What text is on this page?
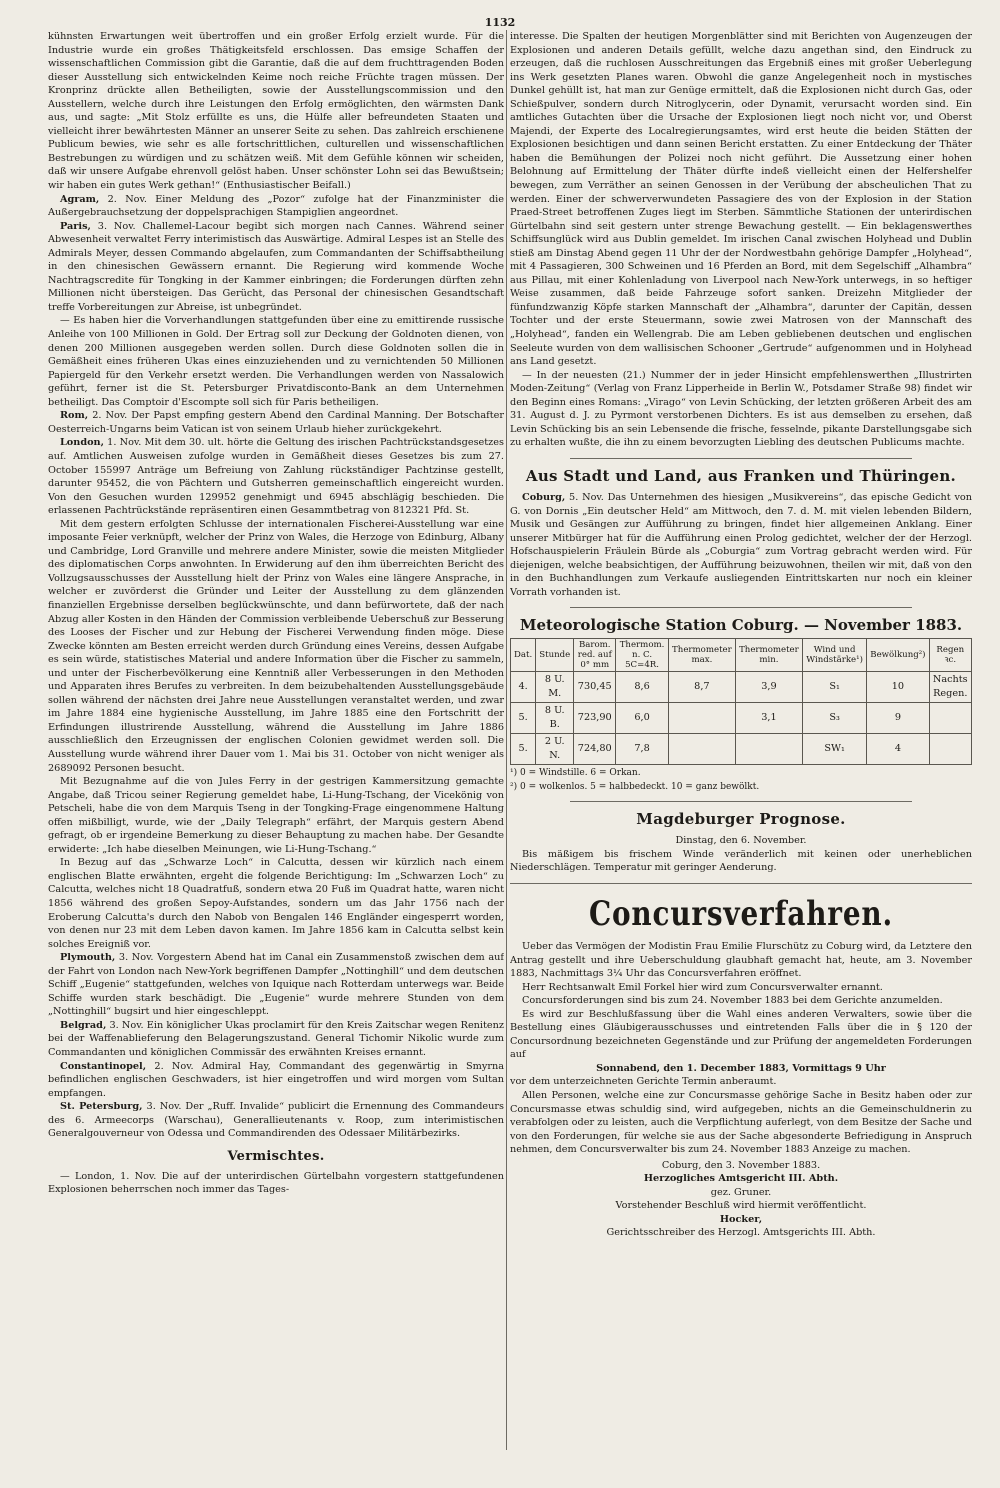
1132

kühnsten Erwartungen weit übertroffen und ein großer Erfolg erzielt wurde. Für die Industrie wurde ein großes Thätigkeitsfeld erschlossen. Das emsige Schaffen der wissenschaftlichen Commission gibt die Garantie, daß die auf dem fruchttragenden Boden dieser Ausstellung sich entwickelnden Keime noch reiche Früchte tragen müssen. Der Kronprinz drückte allen Betheiligten, sowie der Ausstellungscommission und den Ausstellern, welche durch ihre Leistungen den Erfolg ermöglichten, den wärmsten Dank aus, und sagte: „Mit Stolz erfüllte es uns, die Hülfe aller befreundeten Staaten und vielleicht ihrer bewährtesten Männer an unserer Seite zu sehen. Das zahlreich erschienene Publicum bewies, wie sehr es alle fortschrittlichen, culturellen und wissenschaftlichen Bestrebungen zu würdigen und zu schätzen weiß. Mit dem Gefühle können wir scheiden, daß wir unsere Aufgabe ehrenvoll gelöst haben. Unser schönster Lohn sei das Bewußtsein; wir haben ein gutes Werk gethan!“ (Enthusiastischer Beifall.)

Agram, 2. Nov. Einer Meldung des „Pozor“ zufolge hat der Finanzminister die Außergebrauchsetzung der doppelsprachigen Stampiglien angeordnet.

Paris, 3. Nov. Challemel-Lacour begibt sich morgen nach Cannes. Während seiner Abwesenheit verwaltet Ferry interimistisch das Auswärtige. Admiral Lespes ist an Stelle des Admirals Meyer, dessen Commando abgelaufen, zum Commandanten der Schiffsabtheilung in den chinesischen Gewässern ernannt. Die Regierung wird kommende Woche Nachtragscredite für Tongking in der Kammer einbringen; die Forderungen dürften zehn Millionen nicht übersteigen. Das Gerücht, das Personal der chinesischen Gesandtschaft treffe Vorbereitungen zur Abreise, ist unbegründet.

— Es haben hier die Vorverhandlungen stattgefunden über eine zu emittirende russische Anleihe von 100 Millionen in Gold. Der Ertrag soll zur Deckung der Goldnoten dienen, von denen 200 Millionen ausgegeben werden sollen. Durch diese Goldnoten sollen die in Gemäßheit eines früheren Ukas eines einzuziehenden und zu vernichtenden 50 Millionen Papiergeld für den Verkehr ersetzt werden. Die Verhandlungen werden von Nassalowich geführt, ferner ist die St. Petersburger Privatdisconto-Bank an dem Unternehmen betheiligt. Das Comptoir d'Escompte soll sich für Paris betheiligen.

Rom, 2. Nov. Der Papst empfing gestern Abend den Cardinal Manning. Der Botschafter Oesterreich-Ungarns beim Vatican ist von seinem Urlaub hieher zurückgekehrt.

London, 1. Nov. Mit dem 30. ult. hörte die Geltung des irischen Pachtrückstandsgesetzes auf. Amtlichen Ausweisen zufolge wurden in Gemäßheit dieses Gesetzes bis zum 27. October 155997 Anträge um Befreiung von Zahlung rückständiger Pachtzinse gestellt, darunter 95452, die von Pächtern und Gutsherren gemeinschaftlich eingereicht wurden. Von den Gesuchen wurden 129952 genehmigt und 6945 abschlägig beschieden. Die erlassenen Pachtrückstände repräsentiren einen Gesammtbetrag von 812321 Pfd. St.

Mit dem gestern erfolgten Schlusse der internationalen Fischerei-Ausstellung war eine imposante Feier verknüpft, welcher der Prinz von Wales, die Herzoge von Edinburg, Albany und Cambridge, Lord Granville und mehrere andere Minister, sowie die meisten Mitglieder des diplomatischen Corps anwohnten. In Erwiderung auf den ihm überreichten Bericht des Vollzugsausschusses der Ausstellung hielt der Prinz von Wales eine längere Ansprache, in welcher er zuvörderst die Gründer und Leiter der Ausstellung zu dem glänzenden finanziellen Ergebnisse derselben beglückwünschte, und dann befürwortete, daß der nach Abzug aller Kosten in den Händen der Commission verbleibende Ueberschuß zur Besserung des Looses der Fischer und zur Hebung der Fischerei Verwendung finden möge. Diese Zwecke könnten am Besten erreicht werden durch Gründung eines Vereins, dessen Aufgabe es sein würde, statistisches Material und andere Information über die Fischer zu sammeln, und unter der Fischerbevölkerung eine Kenntniß aller Verbesserungen in den Methoden und Apparaten ihres Berufes zu verbreiten. In dem beizubehaltenden Ausstellungsgebäude sollen während der nächsten drei Jahre neue Ausstellungen veranstaltet werden, und zwar im Jahre 1884 eine hygienische Ausstellung, im Jahre 1885 eine den Fortschritt der Erfindungen illustrirende Ausstellung, während die Ausstellung im Jahre 1886 ausschließlich den Erzeugnissen der englischen Colonien gewidmet werden soll. Die Ausstellung wurde während ihrer Dauer vom 1. Mai bis 31. October von nicht weniger als 2689092 Personen besucht.

Mit Bezugnahme auf die von Jules Ferry in der gestrigen Kammersitzung gemachte Angabe, daß Tricou seiner Regierung gemeldet habe, Li-Hung-Tschang, der Vicekönig von Petscheli, habe die von dem Marquis Tseng in der Tongking-Frage eingenommene Haltung offen mißbilligt, wurde, wie der „Daily Telegraph“ erfährt, der Marquis gestern Abend gefragt, ob er irgendeine Bemerkung zu dieser Behauptung zu machen habe. Der Gesandte erwiderte: „Ich habe dieselben Meinungen, wie Li-Hung-Tschang.“

In Bezug auf das „Schwarze Loch“ in Calcutta, dessen wir kürzlich nach einem englischen Blatte erwähnten, ergeht die folgende Berichtigung: Im „Schwarzen Loch“ zu Calcutta, welches nicht 18 Quadratfuß, sondern etwa 20 Fuß im Quadrat hatte, waren nicht 1856 während des großen Sepoy-Aufstandes, sondern um das Jahr 1756 nach der Eroberung Calcutta's durch den Nabob von Bengalen 146 Engländer eingesperrt worden, von denen nur 23 mit dem Leben davon kamen. Im Jahre 1856 kam in Calcutta selbst kein solches Ereigniß vor.

Plymouth, 3. Nov. Vorgestern Abend hat im Canal ein Zusammenstoß zwischen dem auf der Fahrt von London nach New-York begriffenen Dampfer „Nottinghill“ und dem deutschen Schiff „Eugenie“ stattgefunden, welches von Iquique nach Rotterdam unterwegs war. Beide Schiffe wurden stark beschädigt. Die „Eugenie“ wurde mehrere Stunden von dem „Nottinghill“ bugsirt und hier eingeschleppt.

Belgrad, 3. Nov. Ein königlicher Ukas proclamirt für den Kreis Zaitschar wegen Renitenz bei der Waffenablieferung den Belagerungszustand. General Tichomir Nikolic wurde zum Commandanten und königlichen Commissär des erwähnten Kreises ernannt.

Constantinopel, 2. Nov. Admiral Hay, Commandant des gegenwärtig in Smyrna befindlichen englischen Geschwaders, ist hier eingetroffen und wird morgen vom Sultan empfangen.

St. Petersburg, 3. Nov. Der „Ruff. Invalide“ publicirt die Ernennung des Commandeurs des 6. Armeecorps (Warschau), Generallieutenants v. Roop, zum interimistischen Generalgouverneur von Odessa und Commandirenden des Odessaer Militärbezirks.

Vermischtes.

— London, 1. Nov. Die auf der unterirdischen Gürtelbahn vorgestern stattgefundenen Explosionen beherrschen noch immer das Tages-

interesse. Die Spalten der heutigen Morgenblätter sind mit Berichten von Augenzeugen der Explosionen und anderen Details gefüllt, welche dazu angethan sind, den Eindruck zu erzeugen, daß die ruchlosen Ausschreitungen das Ergebniß eines mit großer Ueberlegung ins Werk gesetzten Planes waren. Obwohl die ganze Angelegenheit noch in mystisches Dunkel gehüllt ist, hat man zur Genüge ermittelt, daß die Explosionen nicht durch Gas, oder Schießpulver, sondern durch Nitroglycerin, oder Dynamit, verursacht worden sind. Ein amtliches Gutachten über die Ursache der Explosionen liegt noch nicht vor, und Oberst Majendi, der Experte des Localregierungsamtes, wird erst heute die beiden Stätten der Explosionen besichtigen und dann seinen Bericht erstatten. Zu einer Entdeckung der Thäter haben die Bemühungen der Polizei noch nicht geführt. Die Aussetzung einer hohen Belohnung auf Ermittelung der Thäter dürfte indeß vielleicht einen der Helfershelfer bewegen, zum Verräther an seinen Genossen in der Verübung der abscheulichen That zu werden. Einer der schwerverwundeten Passagiere des von der Explosion in der Station Praed-Street betroffenen Zuges liegt im Sterben. Sämmtliche Stationen der unterirdischen Gürtelbahn sind seit gestern unter strenge Bewachung gestellt. — Ein beklagenswerthes Schiffsunglück wird aus Dublin gemeldet. Im irischen Canal zwischen Holyhead und Dublin stieß am Dinstag Abend gegen 11 Uhr der der Nordwestbahn gehörige Dampfer „Holyhead“, mit 4 Passagieren, 300 Schweinen und 16 Pferden an Bord, mit dem Segelschiff „Alhambra“ aus Pillau, mit einer Kohlenladung von Liverpool nach New-York unterwegs, in so heftiger Weise zusammen, daß beide Fahrzeuge sofort sanken. Dreizehn Mitglieder der fünfundzwanzig Köpfe starken Mannschaft der „Alhambra“, darunter der Capitän, dessen Tochter und der erste Steuermann, sowie zwei Matrosen von der Mannschaft des „Holyhead“, fanden ein Wellengrab. Die am Leben gebliebenen deutschen und englischen Seeleute wurden von dem wallisischen Schooner „Gertrude“ aufgenommen und in Holyhead ans Land gesetzt.

— In der neuesten (21.) Nummer der in jeder Hinsicht empfehlenswerthen „Illustrirten Moden-Zeitung“ (Verlag von Franz Lipperheide in Berlin W., Potsdamer Straße 98) findet wir den Beginn eines Romans: „Virago“ von Levin Schücking, der letzten größeren Arbeit des am 31. August d. J. zu Pyrmont verstorbenen Dichters. Es ist aus demselben zu ersehen, daß Levin Schücking bis an sein Lebensende die frische, fesselnde, pikante Darstellungsgabe sich zu erhalten wußte, die ihn zu einem bevorzugten Liebling des deutschen Publicums machte.

Aus Stadt und Land, aus Franken und Thüringen.

Coburg, 5. Nov. Das Unternehmen des hiesigen „Musikvereins“, das epische Gedicht von G. von Dornis „Ein deutscher Held“ am Mittwoch, den 7. d. M. mit vielen lebenden Bildern, Musik und Gesängen zur Aufführung zu bringen, findet hier allgemeinen Anklang. Einer unserer Mitbürger hat für die Aufführung einen Prolog gedichtet, welcher der der Herzogl. Hofschauspielerin Fräulein Bürde als „Coburgia“ zum Vortrag gebracht werden wird. Für diejenigen, welche beabsichtigen, der Aufführung beizuwohnen, theilen wir mit, daß von den in den Buchhandlungen zum Verkaufe ausliegenden Eintrittskarten nur noch ein kleiner Vorrath vorhanden ist.

Meteorologische Station Coburg. — November 1883.
Dat.	Stunde	Barom. red. auf 0° mm	Thermom. n. C. 5C=4R.	Thermometer max.	Thermometer min.	Wind und Windstärke¹)	Bewölkung²)	Regen ꝛc.
4.	8 U. M.	730,45	8,6	8,7	3,9	S₁	10	Nachts Regen.
5.	8 U. B.	723,90	6,0		3,1	S₃	9	
5.	2 U. N.	724,80	7,8			SW₁	4	
¹) 0 = Windstille. 6 = Orkan.
²) 0 = wolkenlos. 5 = halbbedeckt. 10 = ganz bewölkt.
Magdeburger Prognose.
Dinstag, den 6. November.

Bis mäßigem bis frischem Winde veränderlich mit keinen oder unerheblichen Niederschlägen. Temperatur mit geringer Aenderung.

Concursverfahren.

Ueber das Vermögen der Modistin Frau Emilie Flurschütz zu Coburg wird, da Letztere den Antrag gestellt und ihre Ueberschuldung glaubhaft gemacht hat, heute, am 3. November 1883, Nachmittags 3¼ Uhr das Concursverfahren eröffnet.

Herr Rechtsanwalt Emil Forkel hier wird zum Concursverwalter ernannt.

Concursforderungen sind bis zum 24. November 1883 bei dem Gerichte anzumelden.

Es wird zur Beschlußfassung über die Wahl eines anderen Verwalters, sowie über die Bestellung eines Gläubigerausschusses und eintretenden Falls über die in § 120 der Concursordnung bezeichneten Gegenstände und zur Prüfung der angemeldeten Forderungen auf

Sonnabend, den 1. December 1883, Vormittags 9 Uhr

vor dem unterzeichneten Gerichte Termin anberaumt.

Allen Personen, welche eine zur Concursmasse gehörige Sache in Besitz haben oder zur Concursmasse etwas schuldig sind, wird aufgegeben, nichts an die Gemeinschuldnerin zu verabfolgen oder zu leisten, auch die Verpflichtung auferlegt, von dem Besitze der Sache und von den Forderungen, für welche sie aus der Sache abgesonderte Befriedigung in Anspruch nehmen, dem Concursverwalter bis zum 24. November 1883 Anzeige zu machen.

Coburg, den 3. November 1883.
Herzogliches Amtsgericht III. Abth.
gez. Gruner.
Vorstehender Beschluß wird hiermit veröffentlicht.
Hocker,
Gerichtsschreiber des Herzogl. Amtsgerichts III. Abth.
